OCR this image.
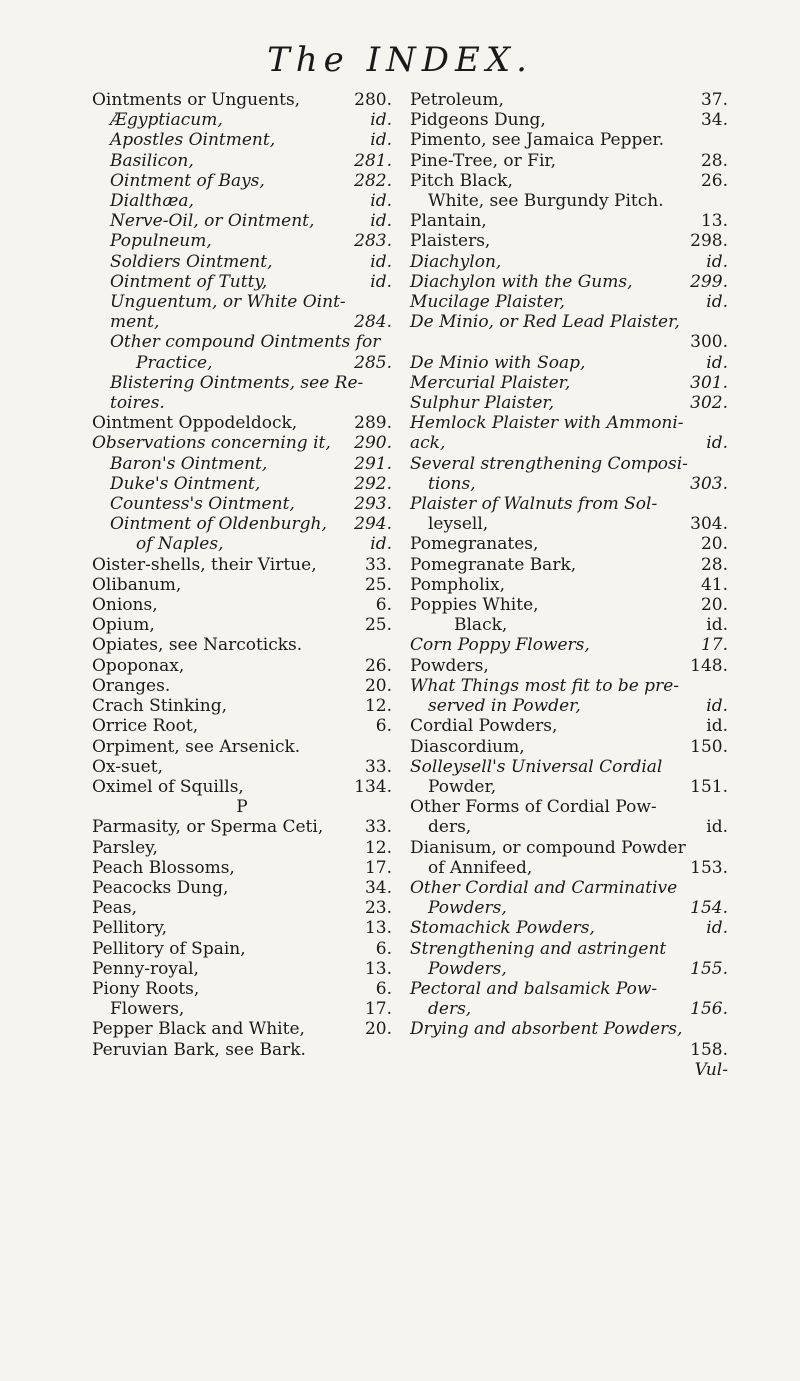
The INDEX.
Ointments or Unguents,	280.
Ægyptiacum,	id.
Apostles Ointment,	id.
Basilicon,	281.
Ointment of Bays,	282.
Dialthæa,	id.
Nerve-Oil, or Ointment,	id.
Populneum,	283.
Soldiers Ointment,	id.
Ointment of Tutty,	id.
Unguentum, or White Oint-
ment,	284.
Other compound Ointments for
Practice,	285.
Blistering Ointments, see Re-
toires.
Ointment Oppodeldock,	289.
Observations concerning it, 290.
Baron's Ointment,	291.
Duke's Ointment,	292.
Countess's Ointment,	293.
Ointment of Oldenburgh, 294.
of Naples,	id.
Oister-shells, their Virtue,	33.
Olibanum,	25.
Onions,	6.
Opium,	25.
Opiates, see Narcoticks.
Opoponax,	26.
Oranges.	20.
Crach Stinking,	12.
Orrice Root,	6.
Orpiment, see Arsenick.
Ox-suet,	33.
Oximel of Squills,	134.
P
Parmasity, or Sperma Ceti, 33.
Parsley,	12.
Peach Blossoms,	17.
Peacocks Dung,	34.
Peas,	23.
Pellitory,	13.
Pellitory of Spain,	6.
Penny-royal,	13.
Piony Roots,	6.
Flowers,	17.
Pepper Black and White,	20.
Peruvian Bark, see Bark.
Petroleum,	37.
Pidgeons Dung,	34.
Pimento, see Jamaica Pepper.
Pine-Tree, or Fir,	28.
Pitch Black,	26.
White, see Burgundy Pitch.
Plantain,	13.
Plaisters,	298.
Diachylon,	id.
Diachylon with the Gums,	299.
Mucilage Plaister,	id.
De Minio, or Red Lead Plaister,
300.
De Minio with Soap,	id.
Mercurial Plaister,	301.
Sulphur Plaister,	302.
Hemlock Plaister with Ammoni-
ack,	id.
Several strengthening Composi-
tions,	303.
Plaister of Walnuts from Sol-
leysell,	304.
Pomegranates,	20.
Pomegranate Bark,	28.
Pompholix,	41.
Poppies White,	20.
Black,	id.
Corn Poppy Flowers,	17.
Powders,	148.
What Things most fit to be pre-
served in Powder,	id.
Cordial Powders,	id.
Diascordium,	150.
Solleysell's Universal Cordial
Powder,	151.
Other Forms of Cordial Pow-
ders,	id.
Dianisum, or compound Powder
of Annifeed,	153.
Other Cordial and Carminative
Powders,	154.
Stomachick Powders,	id.
Strengthening and astringent
Powders,	155.
Pectoral and balsamick Pow-
ders,	156.
Drying and absorbent Powders,
158.
Vul-
